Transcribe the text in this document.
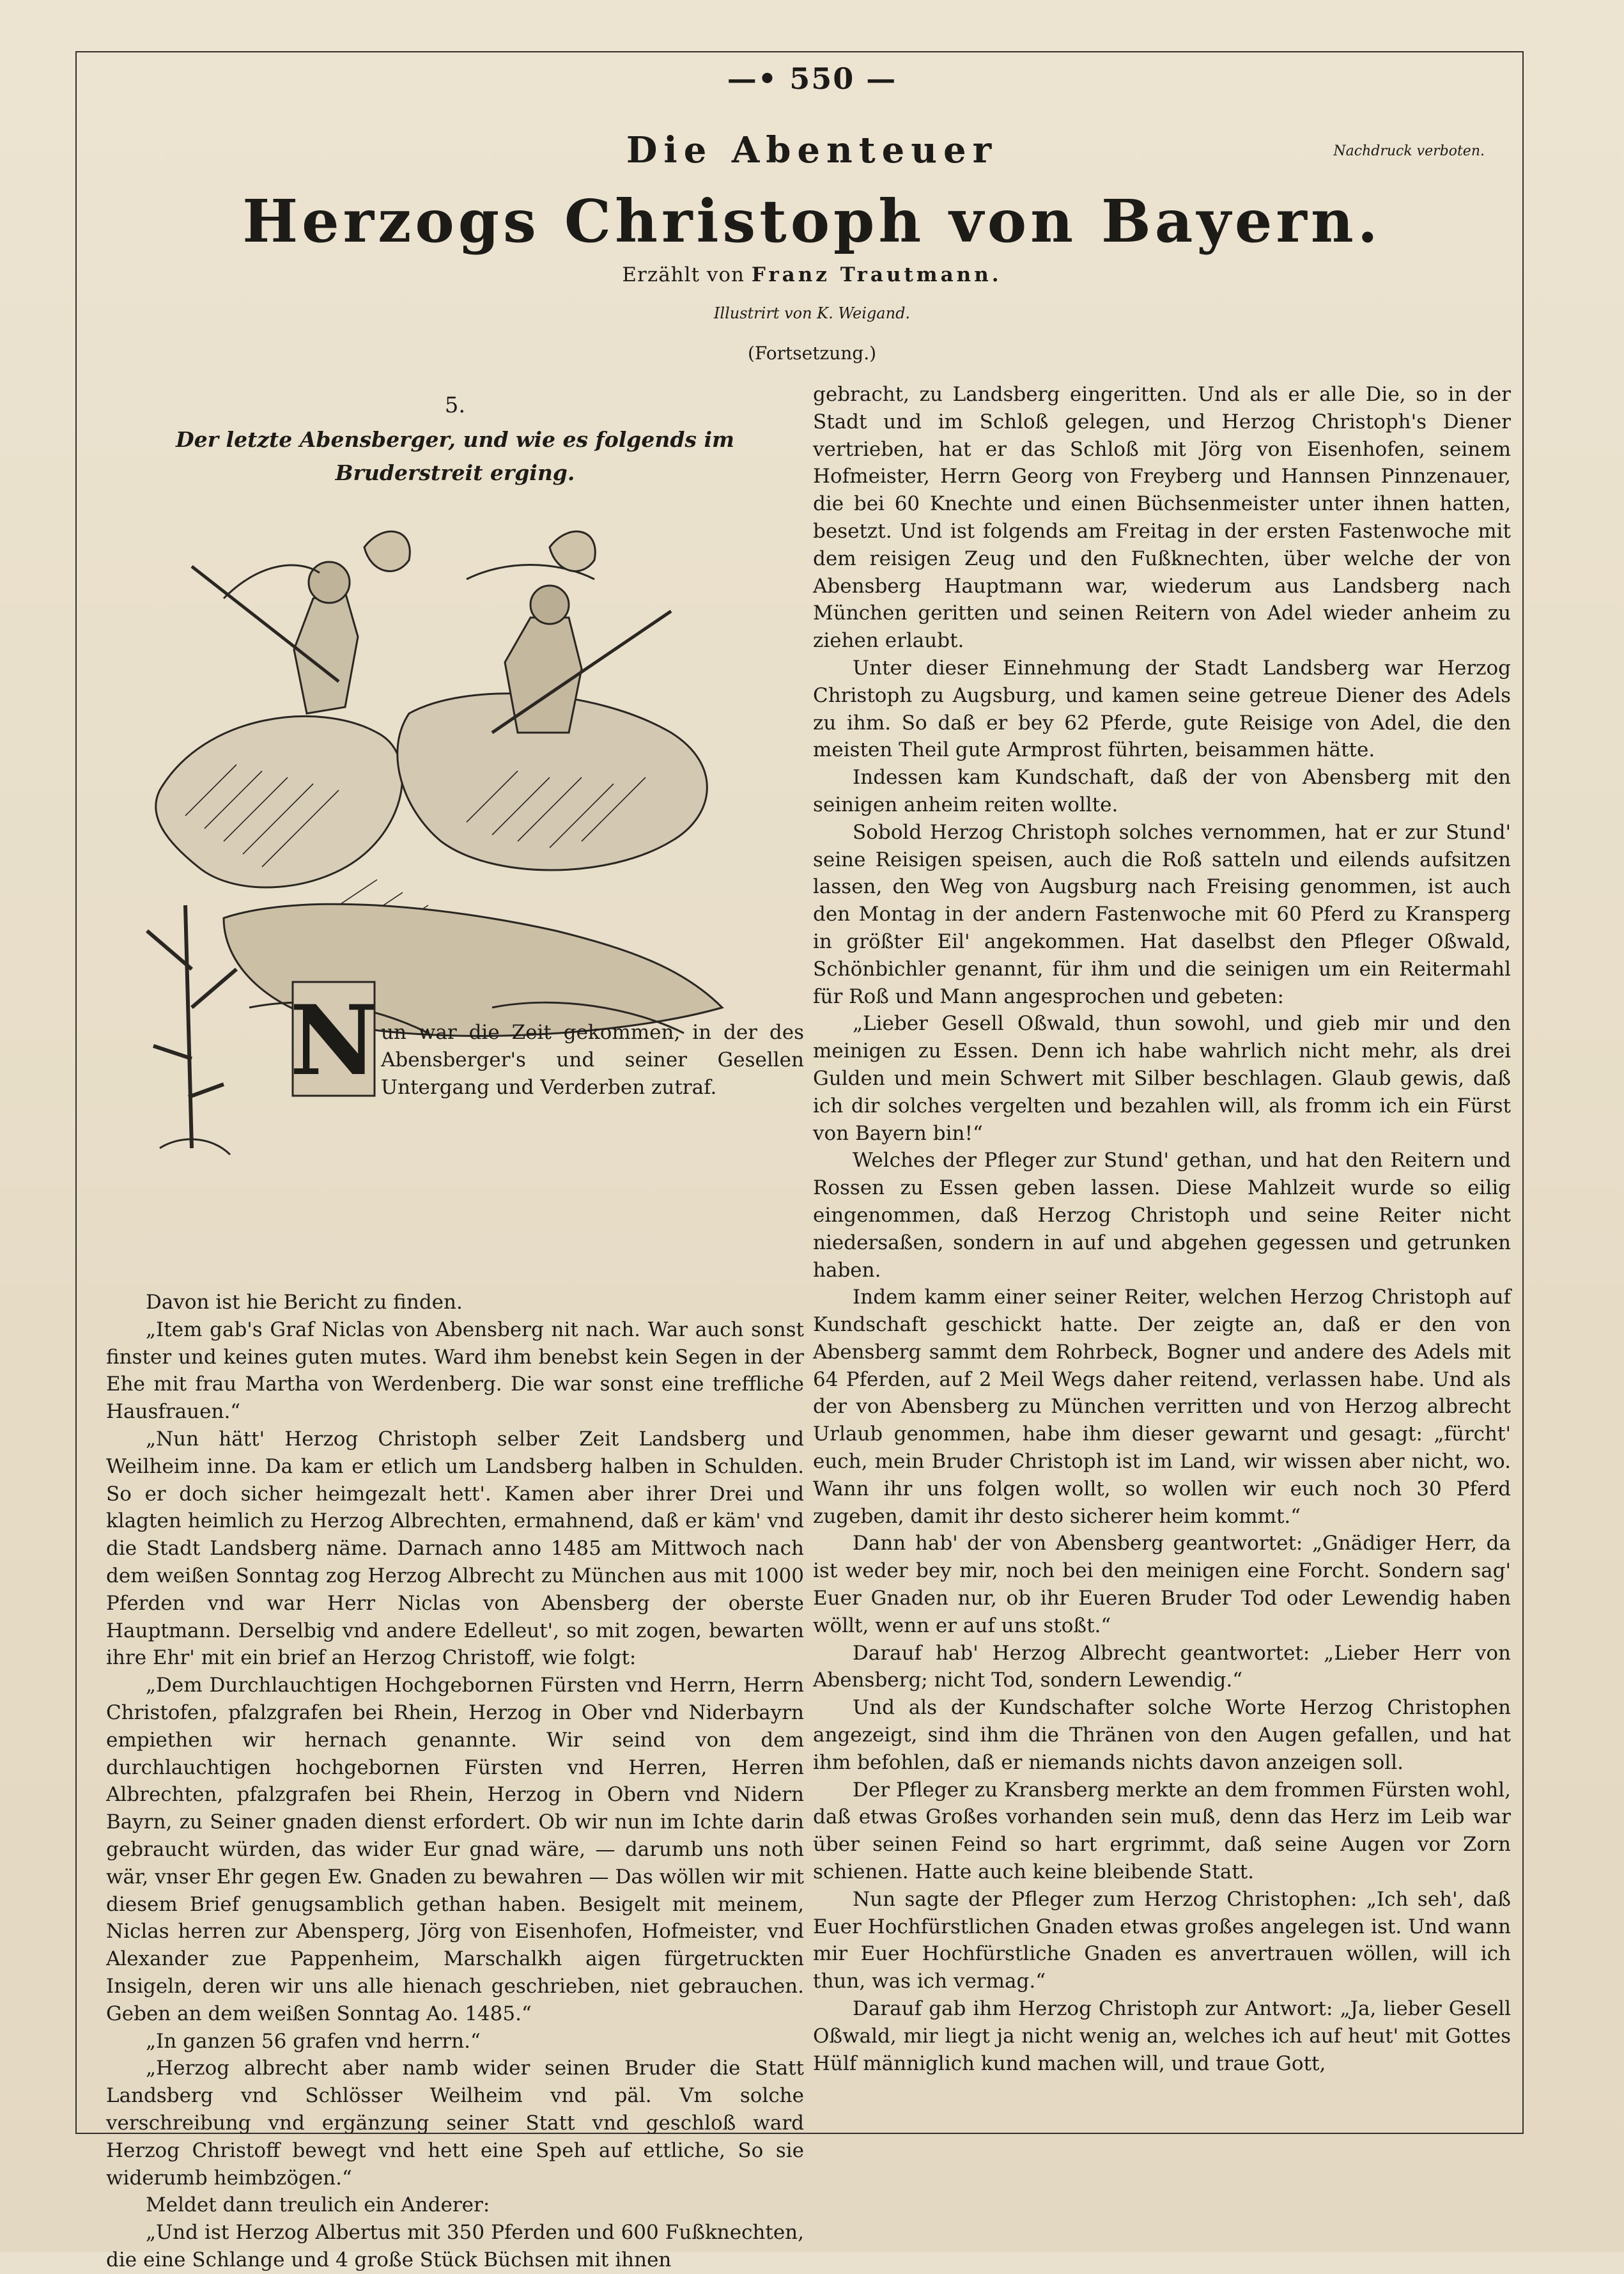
—• 550 —
Nachdruck verboten.
Die Abenteuer
Herzogs Christoph von Bayern.
Erzählt von Franz Trautmann.
Illustrirt von K. Weigand.
(Fortsetzung.)
5.
Der letzte Abensberger, und wie es folgends im Bruderstreit erging.
N un war die Zeit gekommen, in der des Abensberger's und seiner Gesellen Untergang und Verderben zutraf.

Davon ist hie Bericht zu finden.

„Item gab's Graf Niclas von Abensberg nit nach. War auch sonst finster und keines guten mutes. Ward ihm benebst kein Segen in der Ehe mit frau Martha von Werdenberg. Die war sonst eine treffliche Hausfrauen.“

„Nun hätt' Herzog Christoph selber Zeit Landsberg und Weilheim inne. Da kam er etlich um Landsberg halben in Schulden. So er doch sicher heimgezalt hett'. Kamen aber ihrer Drei und klagten heimlich zu Herzog Albrechten, ermahnend, daß er käm' vnd die Stadt Landsberg näme. Darnach anno 1485 am Mittwoch nach dem weißen Sonntag zog Herzog Albrecht zu München aus mit 1000 Pferden vnd war Herr Niclas von Abensberg der oberste Hauptmann. Derselbig vnd andere Edelleut', so mit zogen, bewarten ihre Ehr' mit ein brief an Herzog Christoff, wie folgt:

„Dem Durchlauchtigen Hochgebornen Fürsten vnd Herrn, Herrn Christofen, pfalzgrafen bei Rhein, Herzog in Ober vnd Niderbayrn empiethen wir hernach genannte. Wir seind von dem durchlauchtigen hochgebornen Fürsten vnd Herren, Herren Albrechten, pfalzgrafen bei Rhein, Herzog in Obern vnd Nidern Bayrn, zu Seiner gnaden dienst erfordert. Ob wir nun im Ichte darin gebraucht würden, das wider Eur gnad wäre, — darumb uns noth wär, vnser Ehr gegen Ew. Gnaden zu bewahren — Das wöllen wir mit diesem Brief genugsamblich gethan haben. Besigelt mit meinem, Niclas herren zur Abensperg, Jörg von Eisenhofen, Hofmeister, vnd Alexander zue Pappenheim, Marschalkh aigen fürgetruckten Insigeln, deren wir uns alle hienach geschrieben, niet gebrauchen. Geben an dem weißen Sonntag Ao. 1485.“

„In ganzen 56 grafen vnd herrn.“

„Herzog albrecht aber namb wider seinen Bruder die Statt Landsberg vnd Schlösser Weilheim vnd päl. Vm solche verschreibung vnd ergänzung seiner Statt vnd geschloß ward Herzog Christoff bewegt vnd hett eine Speh auf ettliche, So sie widerumb heimbzögen.“

Meldet dann treulich ein Anderer:

„Und ist Herzog Albertus mit 350 Pferden und 600 Fußknechten, die eine Schlange und 4 große Stück Büchsen mit ihnen

gebracht, zu Landsberg eingeritten. Und als er alle Die, so in der Stadt und im Schloß gelegen, und Herzog Christoph's Diener vertrieben, hat er das Schloß mit Jörg von Eisenhofen, seinem Hofmeister, Herrn Georg von Freyberg und Hannsen Pinnzenauer, die bei 60 Knechte und einen Büchsenmeister unter ihnen hatten, besetzt. Und ist folgends am Freitag in der ersten Fastenwoche mit dem reisigen Zeug und den Fußknechten, über welche der von Abensberg Hauptmann war, wiederum aus Landsberg nach München geritten und seinen Reitern von Adel wieder anheim zu ziehen erlaubt.

Unter dieser Einnehmung der Stadt Landsberg war Herzog Christoph zu Augsburg, und kamen seine getreue Diener des Adels zu ihm. So daß er bey 62 Pferde, gute Reisige von Adel, die den meisten Theil gute Armprost führten, beisammen hätte.

Indessen kam Kundschaft, daß der von Abensberg mit den seinigen anheim reiten wollte.

Sobold Herzog Christoph solches vernommen, hat er zur Stund' seine Reisigen speisen, auch die Roß satteln und eilends aufsitzen lassen, den Weg von Augsburg nach Freising genommen, ist auch den Montag in der andern Fastenwoche mit 60 Pferd zu Kransperg in größter Eil' angekommen. Hat daselbst den Pfleger Oßwald, Schönbichler genannt, für ihm und die seinigen um ein Reitermahl für Roß und Mann angesprochen und gebeten:

„Lieber Gesell Oßwald, thun sowohl, und gieb mir und den meinigen zu Essen. Denn ich habe wahrlich nicht mehr, als drei Gulden und mein Schwert mit Silber beschlagen. Glaub gewis, daß ich dir solches vergelten und bezahlen will, als fromm ich ein Fürst von Bayern bin!“

Welches der Pfleger zur Stund' gethan, und hat den Reitern und Rossen zu Essen geben lassen. Diese Mahlzeit wurde so eilig eingenommen, daß Herzog Christoph und seine Reiter nicht niedersaßen, sondern in auf und abgehen gegessen und getrunken haben.

Indem kamm einer seiner Reiter, welchen Herzog Christoph auf Kundschaft geschickt hatte. Der zeigte an, daß er den von Abensberg sammt dem Rohrbeck, Bogner und andere des Adels mit 64 Pferden, auf 2 Meil Wegs daher reitend, verlassen habe. Und als der von Abensberg zu München verritten und von Herzog albrecht Urlaub genommen, habe ihm dieser gewarnt und gesagt: „fürcht' euch, mein Bruder Christoph ist im Land, wir wissen aber nicht, wo. Wann ihr uns folgen wollt, so wollen wir euch noch 30 Pferd zugeben, damit ihr desto sicherer heim kommt.“

Dann hab' der von Abensberg geantwortet: „Gnädiger Herr, da ist weder bey mir, noch bei den meinigen eine Forcht. Sondern sag' Euer Gnaden nur, ob ihr Eueren Bruder Tod oder Lewendig haben wöllt, wenn er auf uns stoßt.“

Darauf hab' Herzog Albrecht geantwortet: „Lieber Herr von Abensberg; nicht Tod, sondern Lewendig.“

Und als der Kundschafter solche Worte Herzog Christophen angezeigt, sind ihm die Thränen von den Augen gefallen, und hat ihm befohlen, daß er niemands nichts davon anzeigen soll.

Der Pfleger zu Kransberg merkte an dem frommen Fürsten wohl, daß etwas Großes vorhanden sein muß, denn das Herz im Leib war über seinen Feind so hart ergrimmt, daß seine Augen vor Zorn schienen. Hatte auch keine bleibende Statt.

Nun sagte der Pfleger zum Herzog Christophen: „Ich seh', daß Euer Hochfürstlichen Gnaden etwas großes angelegen ist. Und wann mir Euer Hochfürstliche Gnaden es anvertrauen wöllen, will ich thun, was ich vermag.“

Darauf gab ihm Herzog Christoph zur Antwort: „Ja, lieber Gesell Oßwald, mir liegt ja nicht wenig an, welches ich auf heut' mit Gottes Hülf männiglich kund machen will, und traue Gott,
